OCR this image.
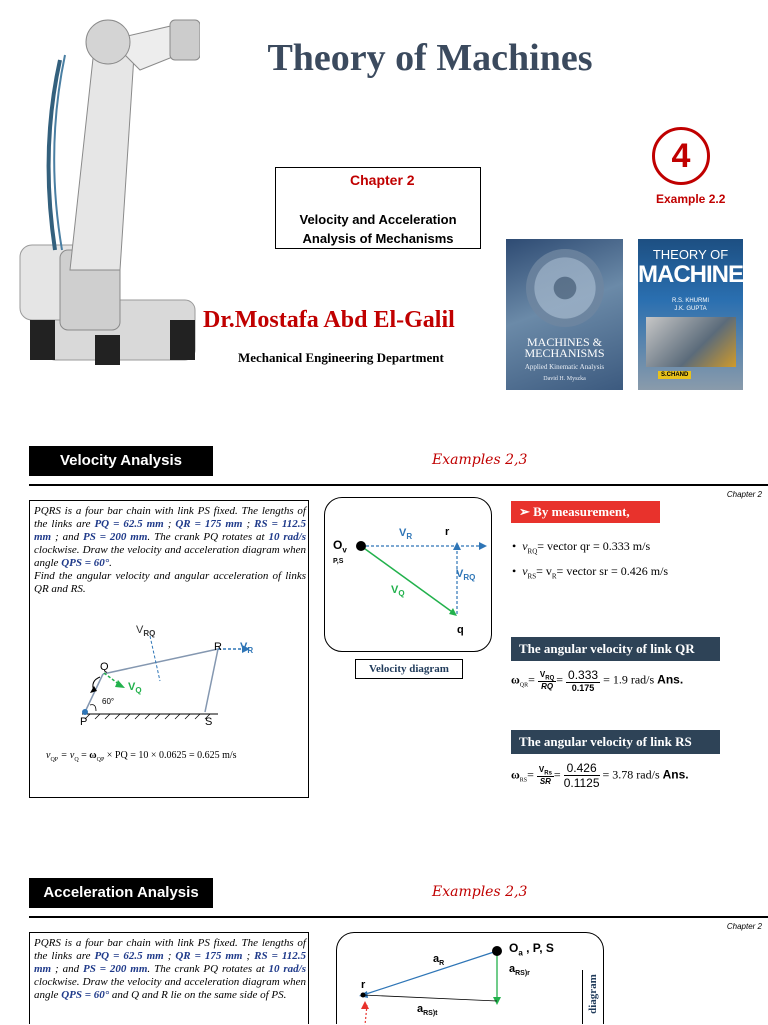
Theory of Machines
Chapter 2
Velocity and Acceleration
Analysis of Mechanisms
Dr.Mostafa Abd El-Galil
Mechanical Engineering Department
4
Example 2.2
MACHINES &
MECHANISMS
Applied Kinematic Analysis
David H. Myszka
THEORY OF
MACHINES
R.S. KHURMI
J.K. GUPTA
S.CHAND
Velocity Analysis	Examples 2,3
Chapter 2
PQRS is a four bar chain with link PS fixed. The lengths of the links are PQ = 62.5 mm ; QR = 175 mm ; RS = 112.5 mm ; and PS = 200 mm. The crank PQ rotates at 10 rad/s clockwise. Draw the velocity and acceleration diagram when angle QPS = 60°.
Find the angular velocity and angular acceleration of links QR and RS.
$V_{RQ}$
R $V_R$
Q
$V_Q$
60°
P	S
$v_{QP} = v_Q = \omega_{QP}$ × PQ = 10 × 0.0625 = 0.625 m/s
$O_v$
P,S
$V_R$	r
$V_{RQ}$
$V_Q$
q
Velocity diagram
➢ By measurement,
•  $v_{RQ}=$ vector qr = 0.333 m/s
•  $v_{RS}= v_R=$ vector sr = 0.426 m/s
The angular velocity of link QR
$\omega_{QR}= \frac{V_{RQ}}{RQ} = \frac{0.333}{0.175} = 1.9$ rad/s Ans.
The angular velocity of link RS
$\omega_{RS}= \frac{V_{Rs}}{SR} = \frac{0.426}{0.1125} = 3.78$ rad/s Ans.
Acceleration Analysis	Examples 2,3
Chapter 2
PQRS is a four bar chain with link PS fixed. The lengths of the links are PQ = 62.5 mm ; QR = 175 mm ; RS = 112.5 mm ; and PS = 200 mm. The crank PQ rotates at 10 rad/s clockwise. Draw the velocity and acceleration diagram when angle QPS = 60° and Q and R lie on the same side of PS.
$O_a$ , P, S
$a_R$	$a_{RS)r}$
r
$a_{RS)t}$	diagram
